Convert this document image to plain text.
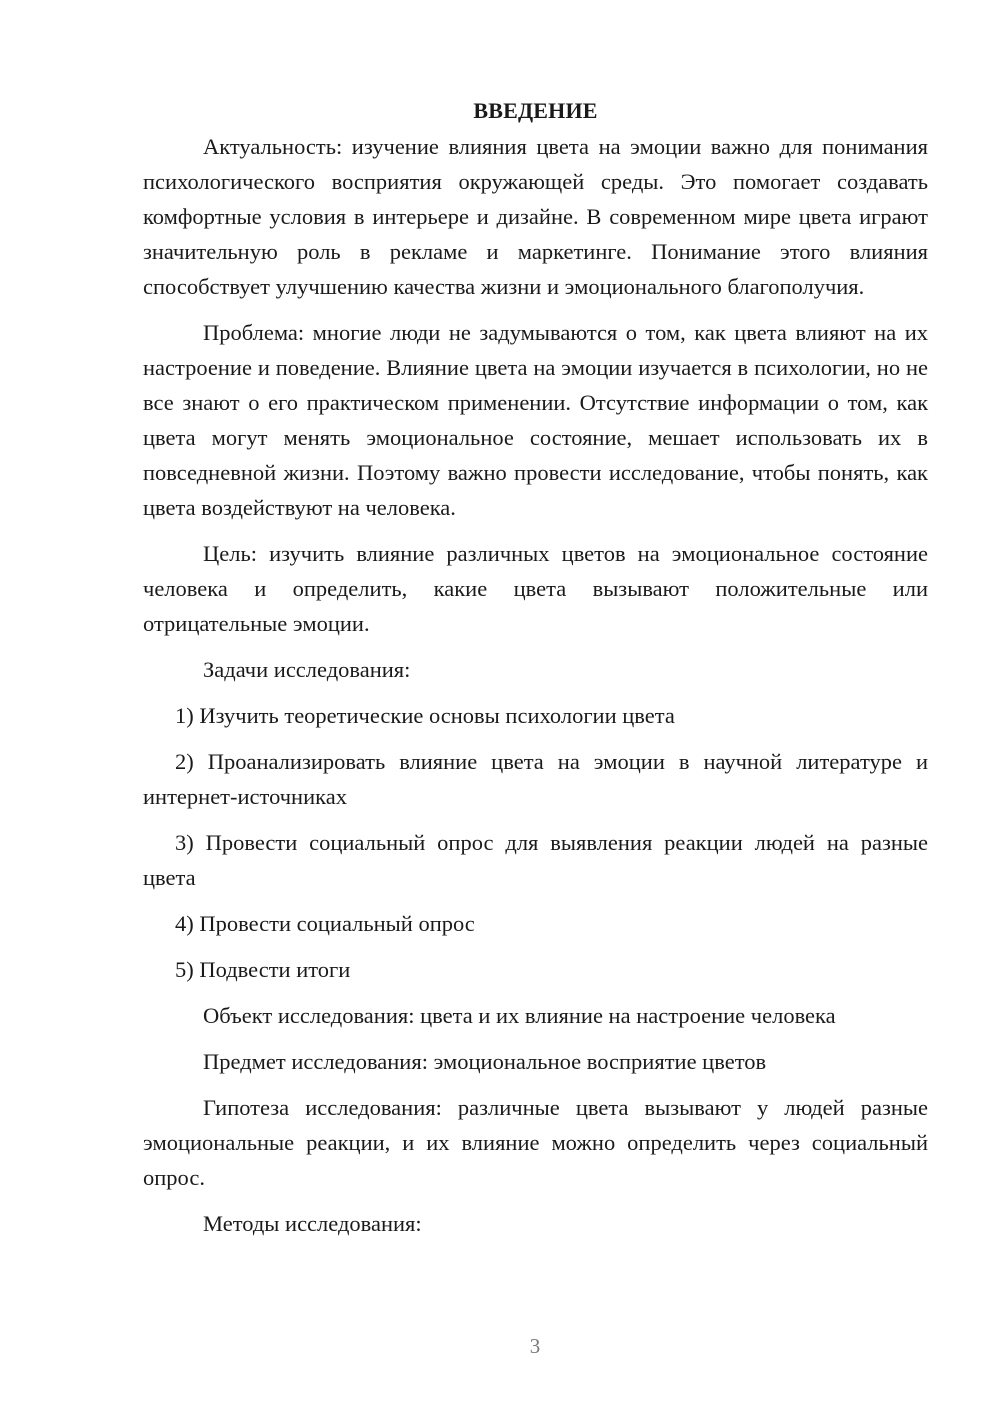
ВВЕДЕНИЕ

Актуальность: изучение влияния цвета на эмоции важно для понимания психологического восприятия окружающей среды. Это помогает создавать комфортные условия в интерьере и дизайне. В современном мире цвета играют значительную роль в рекламе и маркетинге. Понимание этого влияния способствует улучшению качества жизни и эмоционального благополучия.

Проблема: многие люди не задумываются о том, как цвета влияют на их настроение и поведение. Влияние цвета на эмоции изучается в психологии, но не все знают о его практическом применении. Отсутствие информации о том, как цвета могут менять эмоциональное состояние, мешает использовать их в повседневной жизни. Поэтому важно провести исследование, чтобы понять, как цвета воздействуют на человека.

Цель: изучить влияние различных цветов на эмоциональное состояние человека и определить, какие цвета вызывают положительные или отрицательные эмоции.

Задачи исследования:

1) Изучить теоретические основы психологии цвета

2) Проанализировать влияние цвета на эмоции в научной литературе и интернет-источниках

3) Провести социальный опрос для выявления реакции людей на разные цвета

4) Провести социальный опрос

5) Подвести итоги

Объект исследования: цвета и их влияние на настроение человека

Предмет исследования: эмоциональное восприятие цветов

Гипотеза исследования: различные цвета вызывают у людей разные эмоциональные реакции, и их влияние можно определить через социальный опрос.

Методы исследования:

3
